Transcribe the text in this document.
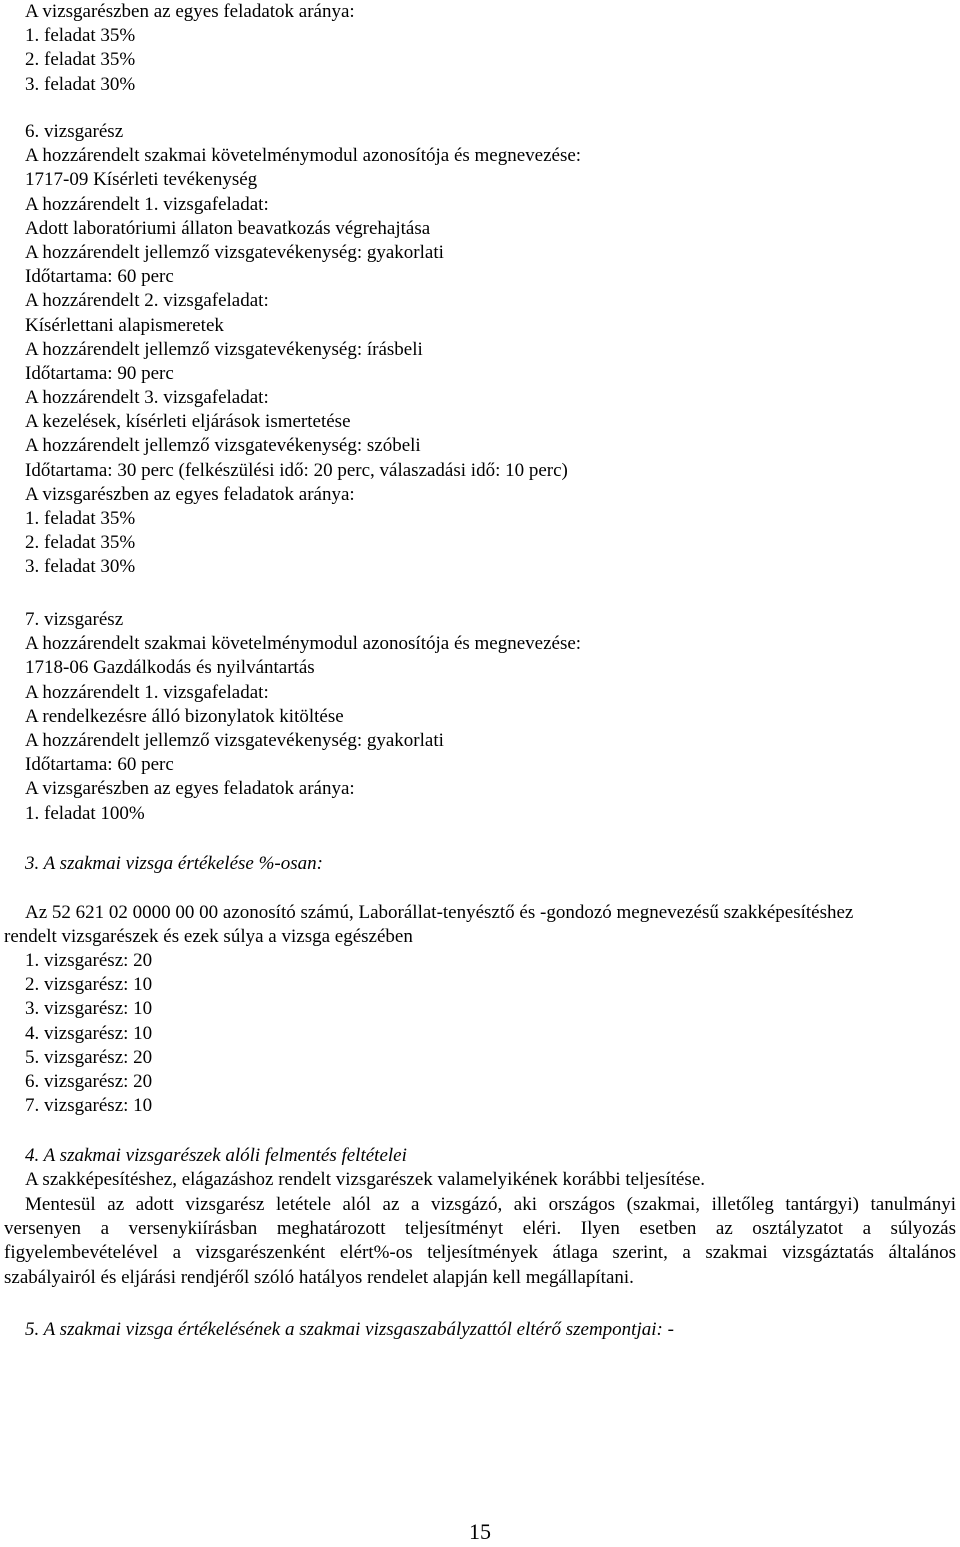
A vizsgarészben az egyes feladatok aránya:
1. feladat 35%
2. feladat 35%
3. feladat 30%
6. vizsgarész
A hozzárendelt szakmai követelménymodul azonosítója és megnevezése:
1717-09 Kísérleti tevékenység
A hozzárendelt 1. vizsgafeladat:
Adott laboratóriumi állaton beavatkozás végrehajtása
A hozzárendelt jellemző vizsgatevékenység: gyakorlati
Időtartama: 60 perc
A hozzárendelt 2. vizsgafeladat:
Kísérlettani alapismeretek
A hozzárendelt jellemző vizsgatevékenység: írásbeli
Időtartama: 90 perc
A hozzárendelt 3. vizsgafeladat:
A kezelések, kísérleti eljárások ismertetése
A hozzárendelt jellemző vizsgatevékenység: szóbeli
Időtartama: 30 perc (felkészülési idő: 20 perc, válaszadási idő: 10 perc)
A vizsgarészben az egyes feladatok aránya:
1. feladat 35%
2. feladat 35%
3. feladat 30%
7. vizsgarész
A hozzárendelt szakmai követelménymodul azonosítója és megnevezése:
1718-06 Gazdálkodás és nyilvántartás
A hozzárendelt 1. vizsgafeladat:
A rendelkezésre álló bizonylatok kitöltése
A hozzárendelt jellemző vizsgatevékenység: gyakorlati
Időtartama: 60 perc
A vizsgarészben az egyes feladatok aránya:
1. feladat 100%
3. A szakmai vizsga értékelése %-osan:
Az 52 621 02 0000 00 00 azonosító számú, Laborállat-tenyésztő és -gondozó megnevezésű szakképesítéshez
rendelt vizsgarészek és ezek súlya a vizsga egészében
1. vizsgarész: 20
2. vizsgarész: 10
3. vizsgarész: 10
4. vizsgarész: 10
5. vizsgarész: 20
6. vizsgarész: 20
7. vizsgarész: 10
4. A szakmai vizsgarészek alóli felmentés feltételei
A szakképesítéshez, elágazáshoz rendelt vizsgarészek valamelyikének korábbi teljesítése.
Mentesül az adott vizsgarész letétele alól az a vizsgázó, aki országos (szakmai, illetőleg tantárgyi) tanulmányi
versenyen a versenykiírásban meghatározott teljesítményt eléri. Ilyen esetben az osztályzatot a súlyozás
figyelembevételével a vizsgarészenként elért%-os teljesítmények átlaga szerint, a szakmai vizsgáztatás általános
szabályairól és eljárási rendjéről szóló hatályos rendelet alapján kell megállapítani.
5. A szakmai vizsga értékelésének a szakmai vizsgaszabályzattól eltérő szempontjai: -
15
